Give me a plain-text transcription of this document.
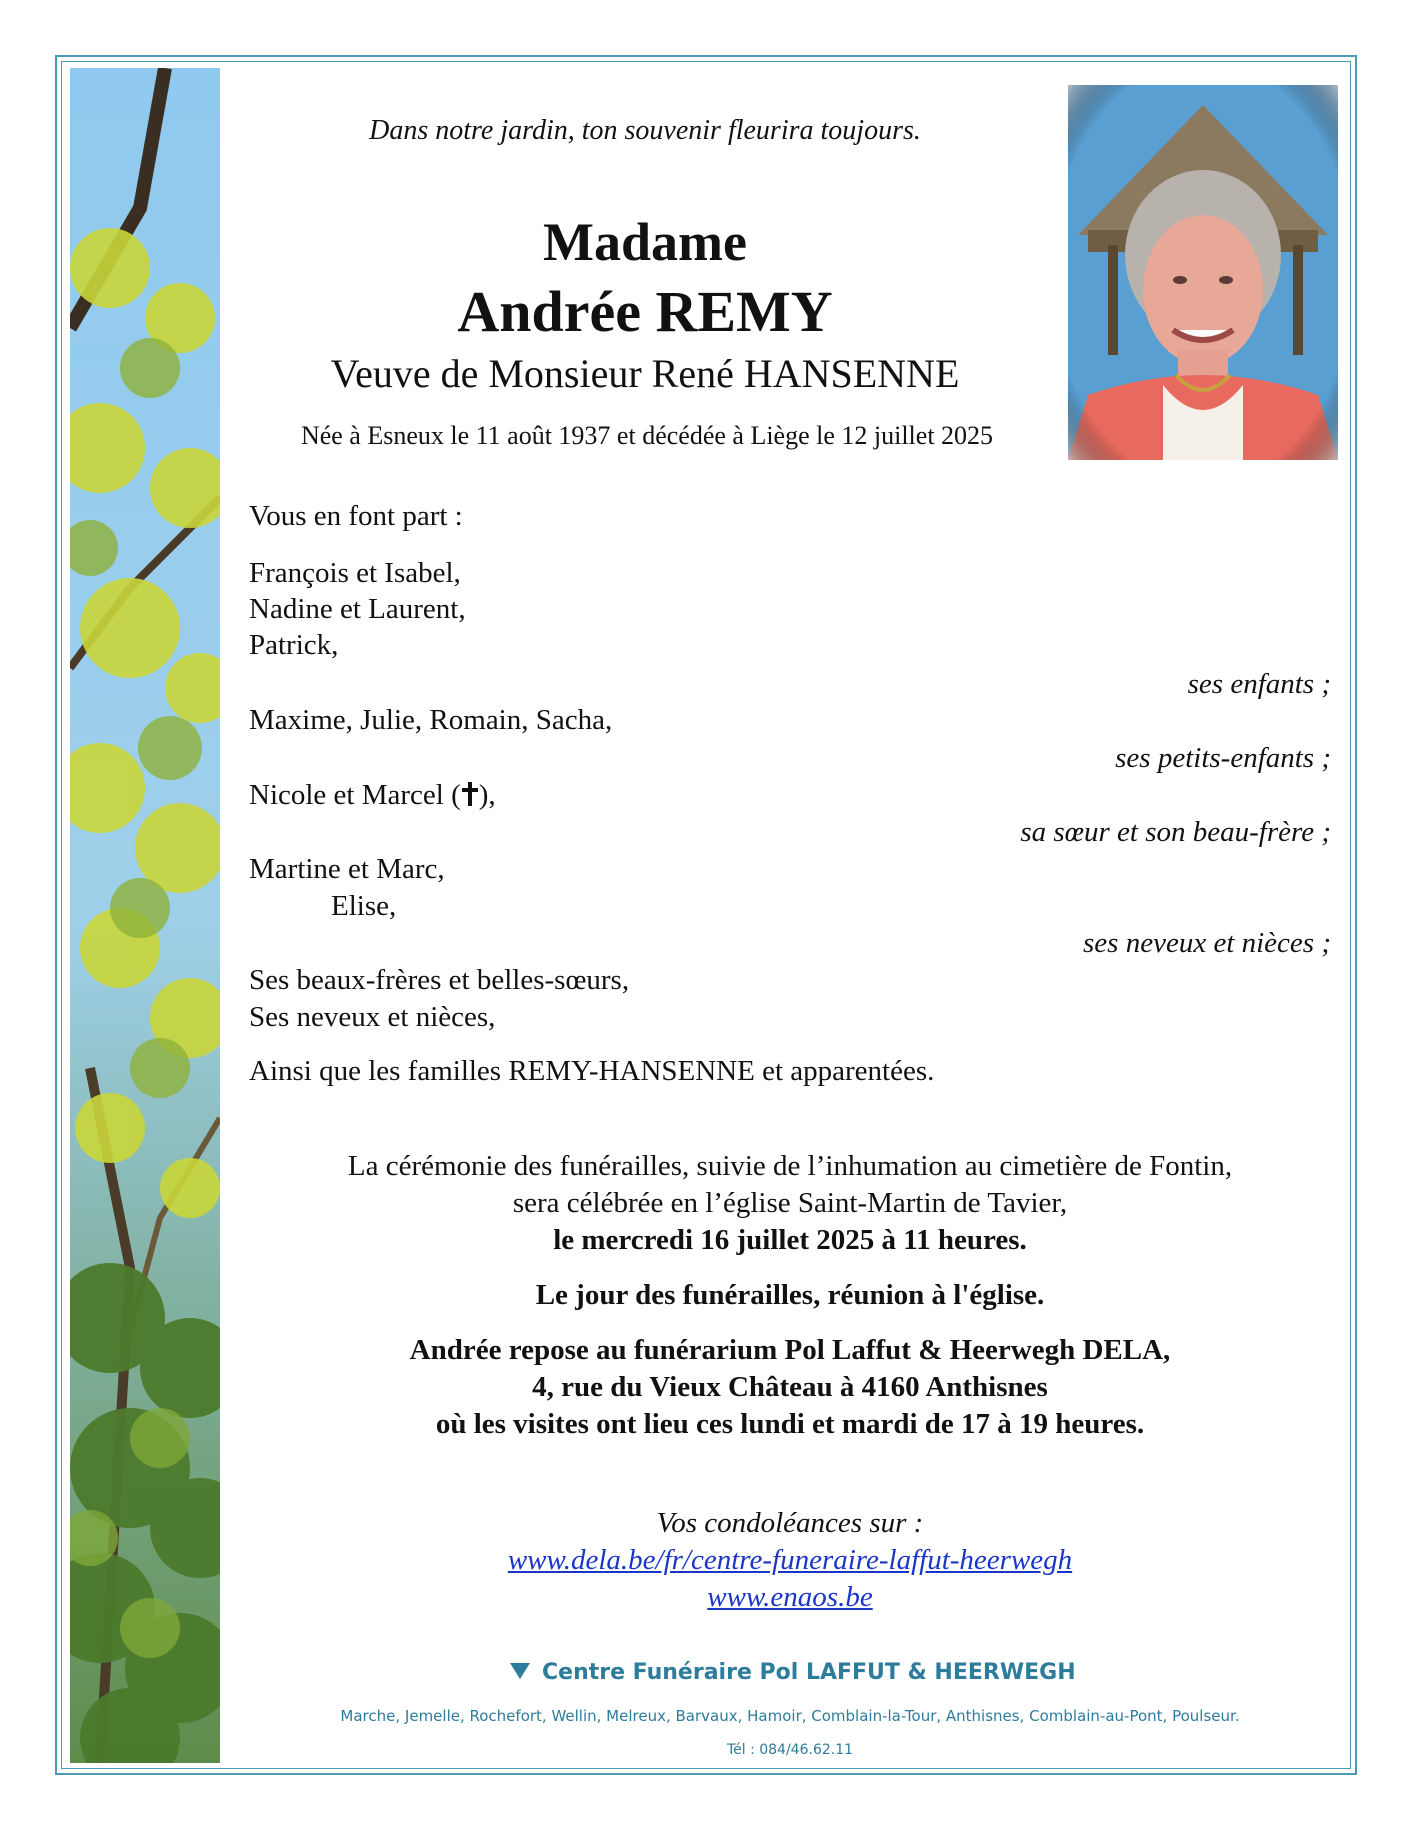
Dans notre jardin, ton souvenir fleurira toujours.
Madame
Andrée REMY
Veuve de Monsieur René HANSENNE
Née à Esneux le 11 août 1937 et décédée à Liège le 12 juillet 2025
Vous en font part :
François et Isabel,
Nadine et Laurent,
Patrick,
ses enfants ;
Maxime, Julie, Romain, Sacha,
ses petits-enfants ;
Nicole et Marcel ( ),
sa sœur et son beau-frère ;
Martine et Marc,
Elise,
ses neveux et nièces ;
Ses beaux-frères et belles-sœurs,
Ses neveux et nièces,
Ainsi que les familles REMY-HANSENNE et apparentées.
La cérémonie des funérailles, suivie de l’inhumation au cimetière de Fontin,
sera célébrée en l’église Saint-Martin de Tavier,
le mercredi 16 juillet 2025 à 11 heures.
Le jour des funérailles, réunion à l'église.
Andrée repose au funérarium Pol Laffut & Heerwegh DELA,
4, rue du Vieux Château à 4160 Anthisnes
où les visites ont lieu ces lundi et mardi de 17 à 19 heures.
Vos condoléances sur :
www.dela.be/fr/centre-funeraire-laffut-heerwegh
www.enaos.be
Centre Funéraire Pol LAFFUT & HEERWEGH
Marche, Jemelle, Rochefort, Wellin, Melreux, Barvaux, Hamoir, Comblain-la-Tour, Anthisnes, Comblain-au-Pont, Poulseur.
Tél : 084/46.62.11
